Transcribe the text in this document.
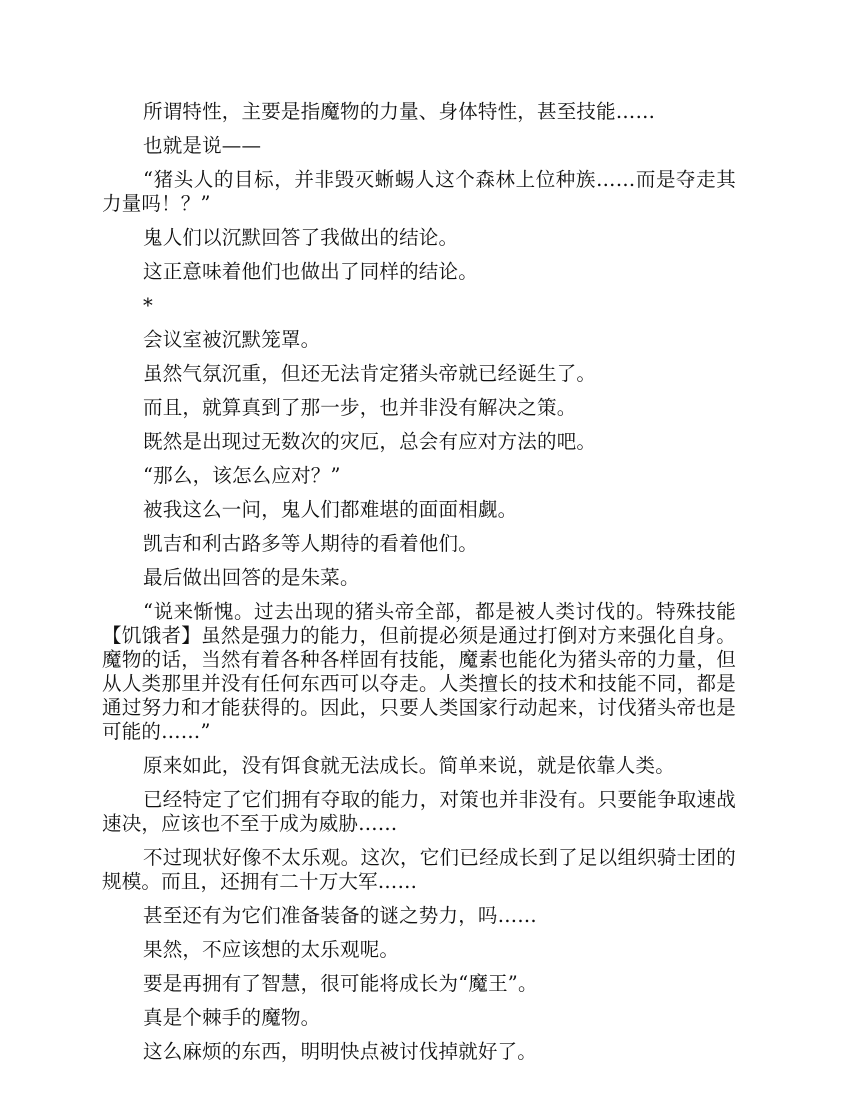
所谓特性，主要是指魔物的力量、身体特性，甚至技能……

也就是说——

“猪头人的目标，并非毁灭蜥蜴人这个森林上位种族……而是夺走其力量吗！？”

鬼人们以沉默回答了我做出的结论。

这正意味着他们也做出了同样的结论。

*

会议室被沉默笼罩。

虽然气氛沉重，但还无法肯定猪头帝就已经诞生了。

而且，就算真到了那一步，也并非没有解决之策。

既然是出现过无数次的灾厄，总会有应对方法的吧。

“那么，该怎么应对？”

被我这么一问，鬼人们都难堪的面面相觑。

凯吉和利古路多等人期待的看着他们。

最后做出回答的是朱菜。

“说来惭愧。过去出现的猪头帝全部，都是被人类讨伐的。特殊技能【饥饿者】虽然是强力的能力，但前提必须是通过打倒对方来强化自身。魔物的话，当然有着各种各样固有技能，魔素也能化为猪头帝的力量，但从人类那里并没有任何东西可以夺走。人类擅长的技术和技能不同，都是通过努力和才能获得的。因此，只要人类国家行动起来，讨伐猪头帝也是可能的……”

原来如此，没有饵食就无法成长。简单来说，就是依靠人类。

已经特定了它们拥有夺取的能力，对策也并非没有。只要能争取速战速决，应该也不至于成为威胁……

不过现状好像不太乐观。这次，它们已经成长到了足以组织骑士团的规模。而且，还拥有二十万大军……

甚至还有为它们准备装备的谜之势力，吗……

果然，不应该想的太乐观呢。

要是再拥有了智慧，很可能将成长为“魔王”。

真是个棘手的魔物。

这么麻烦的东西，明明快点被讨伐掉就好了。
